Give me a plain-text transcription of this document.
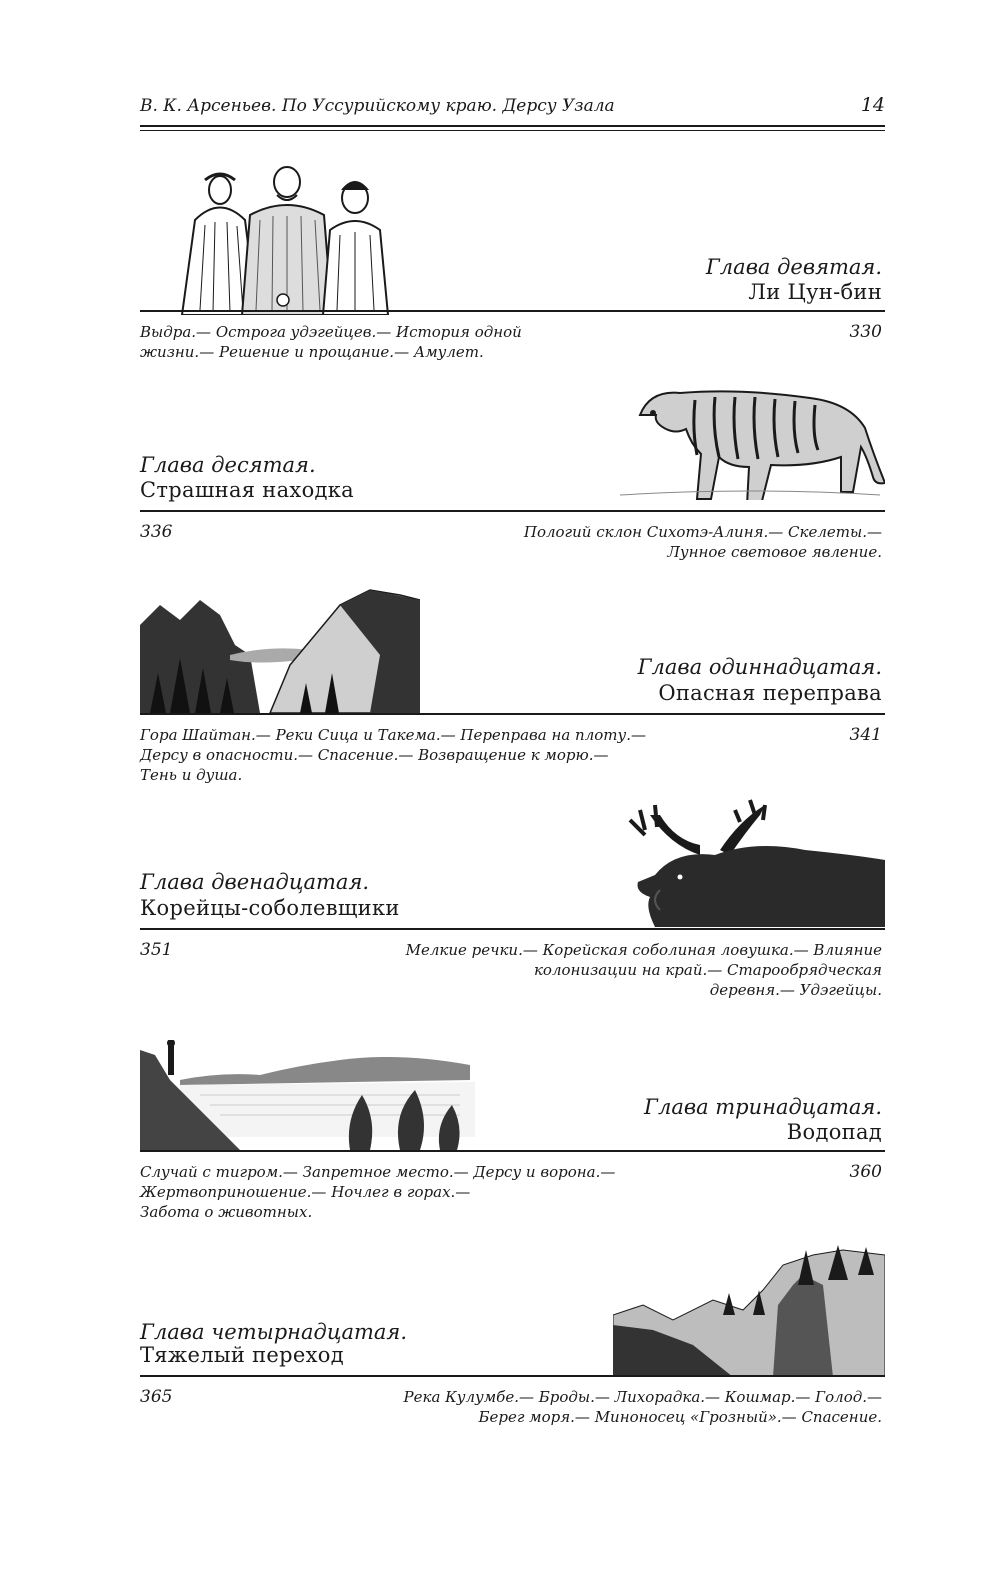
В. К. Арсеньев. По Уссурийскому краю. Дерсу Узала	14
Глава девятая.
Ли Цун-бин
Выдра.— Острога удэгейцев.— История одной
жизни.— Решение и прощание.— Амулет.
330
Глава десятая.
Страшная находка
336	Пологий склон Сихотэ-Алиня.— Скелеты.—
Лунное световое явление.
Глава одиннадцатая.
Опасная переправа
Гора Шайтан.— Реки Сица и Такема.— Переправа на плоту.—
Дерсу в опасности.— Спасение.— Возвращение к морю.—
Тень и душа.
341
Глава двенадцатая.
Корейцы-соболевщики
351	Мелкие речки.— Корейская соболиная ловушка.— Влияние
колонизации на край.— Старообрядческая
деревня.— Удэгейцы.
Глава тринадцатая.
Водопад
Случай с тигром.— Запретное место.— Дерсу и ворона.—
Жертвоприношение.— Ночлег в горах.—
Забота о животных.
360
Глава четырнадцатая.
Тяжелый переход
365	Река Кулумбе.— Броды.— Лихорадка.— Кошмар.— Голод.—
Берег моря.— Миноносец «Грозный».— Спасение.
